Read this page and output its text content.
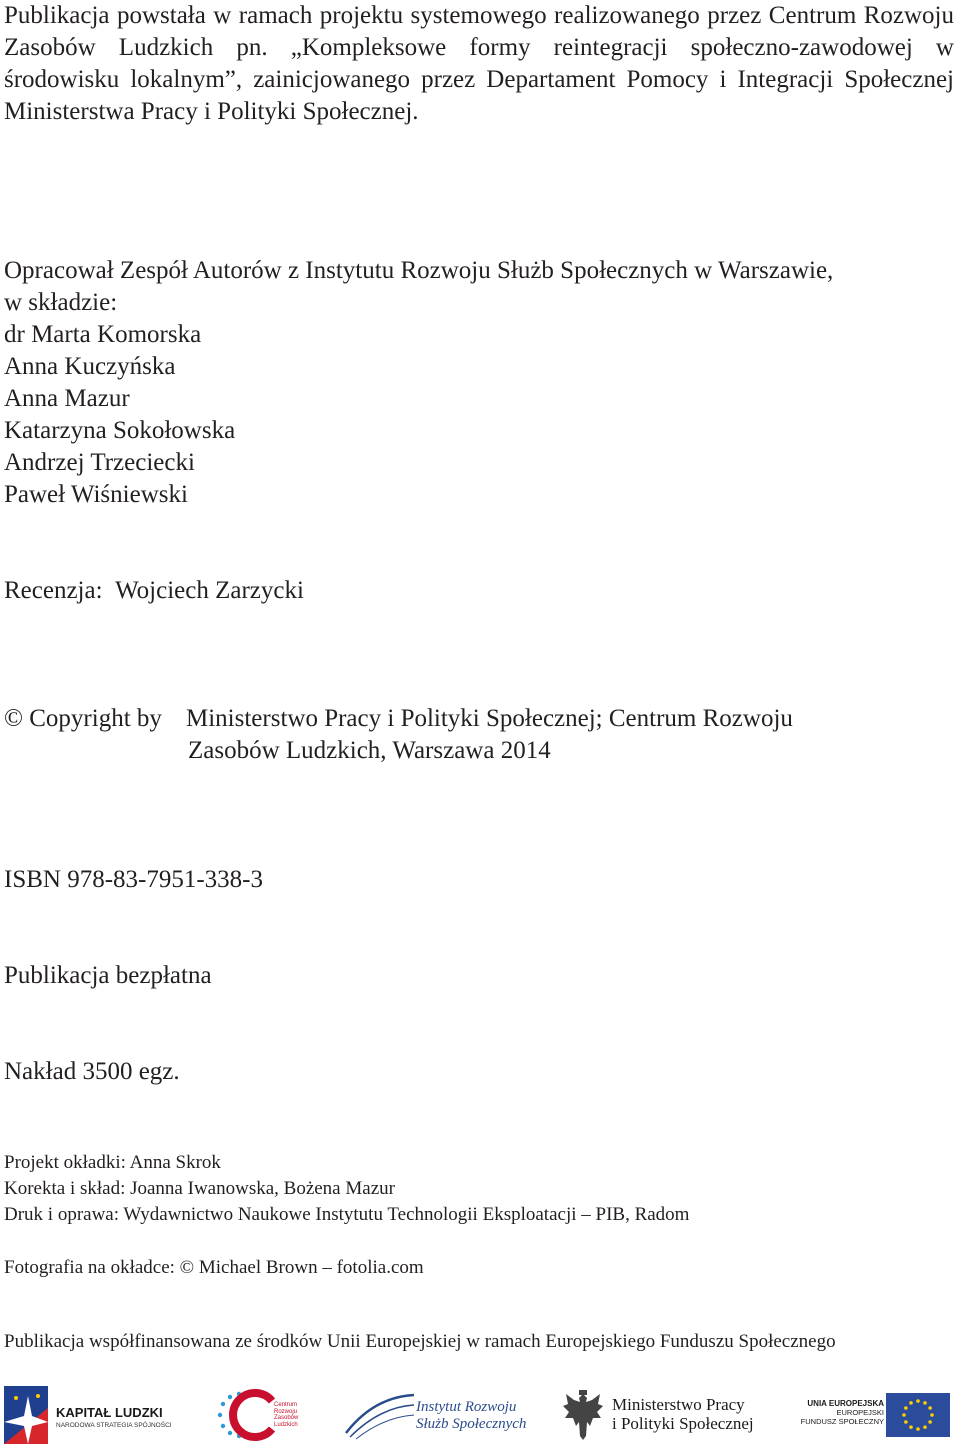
Publikacja powstała w ramach projektu systemowego realizowanego przez Centrum Rozwoju Zasobów Ludzkich pn. „Kompleksowe formy reintegracji społeczno-zawodowej w środowisku lokalnym”, zainicjowanego przez Departament Pomocy i Integracji Społecznej Ministerstwa Pracy i Polityki Społecznej.
Opracował Zespół Autorów z Instytutu Rozwoju Służb Społecznych w Warszawie,
w składzie:
dr Marta Komorska
Anna Kuczyńska
Anna Mazur
Katarzyna Sokołowska
Andrzej Trzeciecki
Paweł Wiśniewski
Recenzja: Wojciech Zarzycki
© Copyright by Ministerstwo Pracy i Polityki Społecznej; Centrum Rozwoju
Zasobów Ludzkich, Warszawa 2014
ISBN 978-83-7951-338-3
Publikacja bezpłatna
Nakład 3500 egz.
Projekt okładki: Anna Skrok
Korekta i skład: Joanna Iwanowska, Bożena Mazur
Druk i oprawa: Wydawnictwo Naukowe Instytutu Technologii Eksploatacji – PIB, Radom
Fotografia na okładce: © Michael Brown – fotolia.com
Publikacja współfinansowana ze środków Unii Europejskiej w ramach Europejskiego Funduszu Społecznego
KAPITAŁ LUDZKI
NARODOWA STRATEGIA SPÓJNOŚCI
Centrum
Rozwoju
Zasobów
Ludzkich
Instytut Rozwoju
Służb Społecznych
Ministerstwo Pracy
i Polityki Społecznej
UNIA EUROPEJSKA
EUROPEJSKI
FUNDUSZ SPOŁECZNY
